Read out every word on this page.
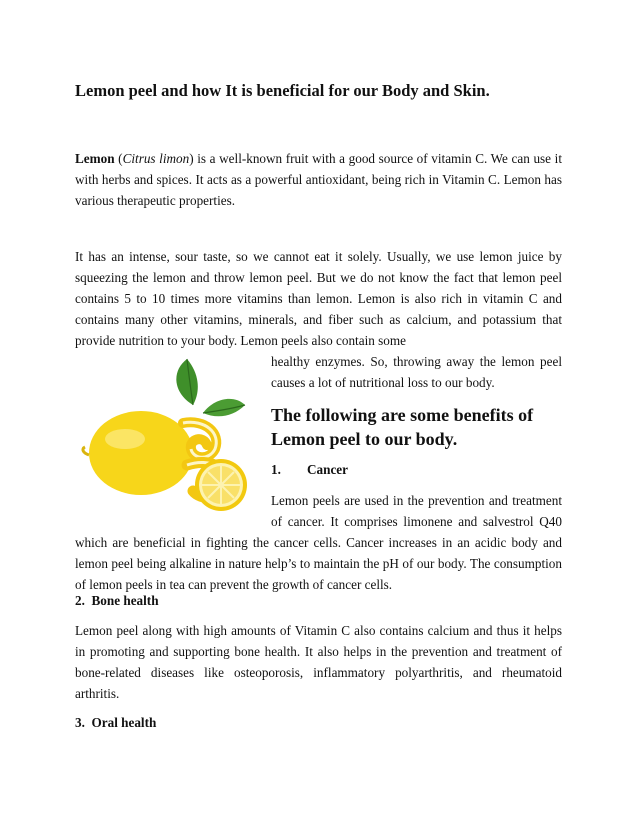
Lemon peel and how It is beneficial for our Body and Skin.

Lemon (Citrus limon) is a well-known fruit with a good source of vitamin C. We can use it with herbs and spices. It acts as a powerful antioxidant, being rich in Vitamin C. Lemon has various therapeutic properties.

It has an intense, sour taste, so we cannot eat it solely. Usually, we use lemon juice by squeezing the lemon and throw lemon peel. But we do not know the fact that lemon peel contains 5 to 10 times more vitamins than lemon. Lemon is also rich in vitamin C and contains many other vitamins, minerals, and fiber such as calcium, and potassium that provide nutrition to your body. Lemon peels also contain some

healthy enzymes. So, throwing away the lemon peel causes a lot of nutritional loss to our body.

The following are some benefits of Lemon peel to our body.
1. Cancer

Lemon peels are used in the prevention and treatment of cancer. It comprises limonene and salvestrol Q40 which are beneficial in fighting the cancer cells. Cancer increases in an acidic body and lemon peel being alkaline in nature help’s to maintain the pH of our body. The consumption of lemon peels in tea can prevent the growth of cancer cells.

2. Bone health

Lemon peel along with high amounts of Vitamin C also contains calcium and thus it helps in promoting and supporting bone health. It also helps in the prevention and treatment of bone-related diseases like osteoporosis, inflammatory polyarthritis, and rheumatoid arthritis.

3. Oral health
